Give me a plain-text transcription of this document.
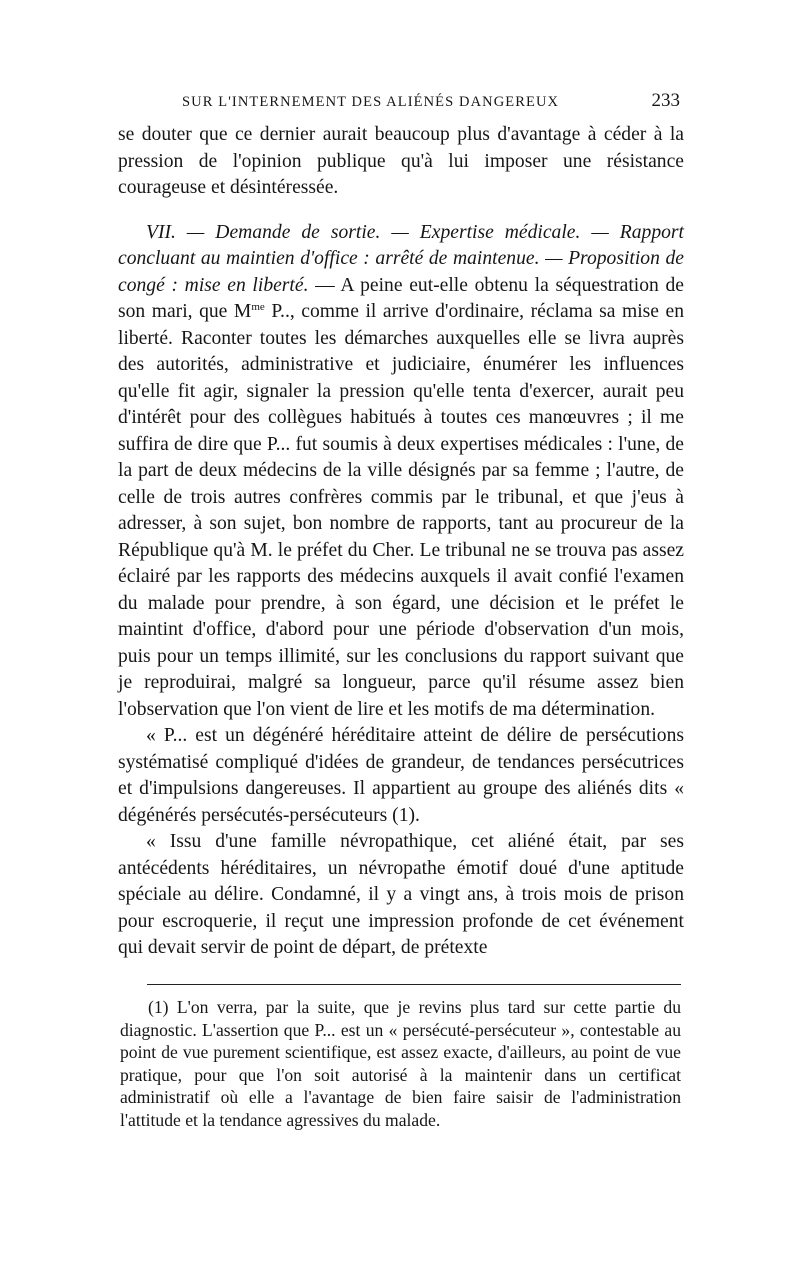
SUR L'INTERNEMENT DES ALIÉNÉS DANGEREUX	233

se douter que ce dernier aurait beaucoup plus d'avantage à céder à la pression de l'opinion publique qu'à lui imposer une résistance courageuse et désintéressée.

VII. — Demande de sortie. — Expertise médicale. — Rapport concluant au maintien d'office : arrêté de maintenue. — Proposition de congé : mise en liberté. — A peine eut-elle obtenu la séquestration de son mari, que $M^{me}$ P.., comme il arrive d'ordinaire, réclama sa mise en liberté. Raconter toutes les démarches auxquelles elle se livra auprès des autorités, administrative et judiciaire, énumérer les influences qu'elle fit agir, signaler la pression qu'elle tenta d'exercer, aurait peu d'intérêt pour des collègues habitués à toutes ces manœuvres ; il me suffira de dire que P... fut soumis à deux expertises médicales : l'une, de la part de deux médecins de la ville désignés par sa femme ; l'autre, de celle de trois autres confrères commis par le tribunal, et que j'eus à adresser, à son sujet, bon nombre de rapports, tant au procureur de la République qu'à M. le préfet du Cher. Le tribunal ne se trouva pas assez éclairé par les rapports des médecins auxquels il avait confié l'examen du malade pour prendre, à son égard, une décision et le préfet le maintint d'office, d'abord pour une période d'observation d'un mois, puis pour un temps illimité, sur les conclusions du rapport suivant que je reproduirai, malgré sa longueur, parce qu'il résume assez bien l'observation que l'on vient de lire et les motifs de ma détermination.

« P... est un dégénéré héréditaire atteint de délire de persécutions systématisé compliqué d'idées de grandeur, de tendances persécutrices et d'impulsions dangereuses. Il appartient au groupe des aliénés dits « dégénérés persécutés-persécuteurs (1).

« Issu d'une famille névropathique, cet aliéné était, par ses antécédents héréditaires, un névropathe émotif doué d'une aptitude spéciale au délire. Condamné, il y a vingt ans, à trois mois de prison pour escroquerie, il reçut une impression profonde de cet événement qui devait servir de point de départ, de prétexte

(1) L'on verra, par la suite, que je revins plus tard sur cette partie du diagnostic. L'assertion que P... est un « persécuté-persécuteur », contestable au point de vue purement scientifique, est assez exacte, d'ailleurs, au point de vue pratique, pour que l'on soit autorisé à la maintenir dans un certificat administratif où elle a l'avantage de bien faire saisir de l'administration l'attitude et la tendance agressives du malade.
